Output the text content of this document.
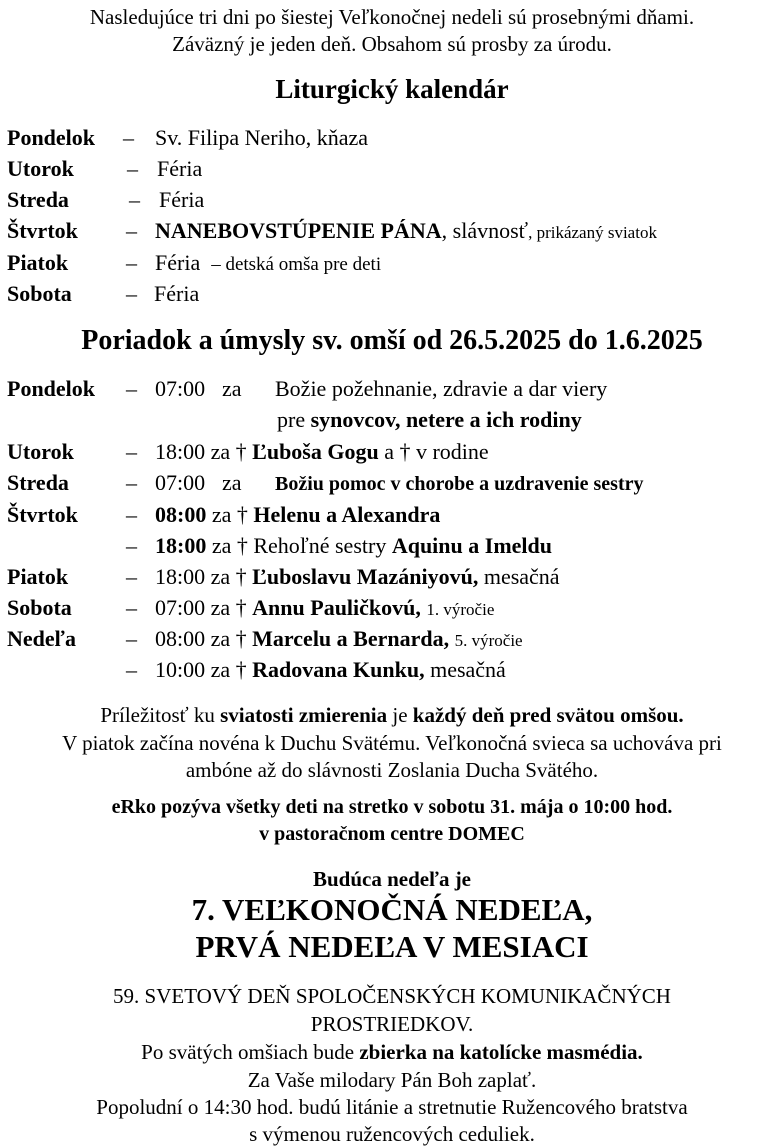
Nasledujúce tri dni po šiestej Veľkonočnej nedeli sú prosebnými dňami.
Záväzný je jeden deň. Obsahom sú prosby za úrodu.
Liturgický kalendár
Pondelok – Sv. Filipa Neriho, kňaza
Utorok – Féria
Streda	– Féria
Štvrtok – NANEBOVSTÚPENIE PÁNA, slávnosť, prikázaný sviatok
Piatok	– Féria – detská omša pre deti
Sobota – Féria
Poriadok a úmysly sv. omší od 26.5.2025 do 1.6.2025
Pondelok – 07:00 za Božie požehnanie, zdravie a dar viery
pre synovcov, netere a ich rodiny
Utorok – 18:00 za † Ľuboša Gogu a † v rodine
Streda	– 07:00 za Božiu pomoc v chorobe a uzdravenie sestry
Štvrtok – 08:00 za † Helenu a Alexandra
– 18:00 za † Rehoľné sestry Aquinu a Imeldu
Piatok	– 18:00 za † Ľuboslavu Mazániyovú, mesačná
Sobota – 07:00 za † Annu Pauličkovú, 1. výročie
Nedeľa – 08:00 za † Marcelu a Bernarda, 5. výročie
– 10:00 za † Radovana Kunku, mesačná
Príležitosť ku sviatosti zmierenia je každý deň pred svätou omšou.
V piatok začína novéna k Duchu Svätému. Veľkonočná svieca sa uchováva pri
ambóne až do slávnosti Zoslania Ducha Svätého.
eRko pozýva všetky deti na stretko v sobotu 31. mája o 10:00 hod.
v pastoračnom centre DOMEC
Budúca nedeľa je
7. VEĽKONOČNÁ NEDEĽA,
PRVÁ NEDEĽA V MESIACI
59. SVETOVÝ DEŇ SPOLOČENSKÝCH KOMUNIKAČNÝCH
PROSTRIEDKOV.
Po svätých omšiach bude zbierka na katolícke masmédia.
Za Vaše milodary Pán Boh zaplať.
Popoludní o 14:30 hod. budú litánie a stretnutie Ružencového bratstva
s výmenou ružencových ceduliek.
